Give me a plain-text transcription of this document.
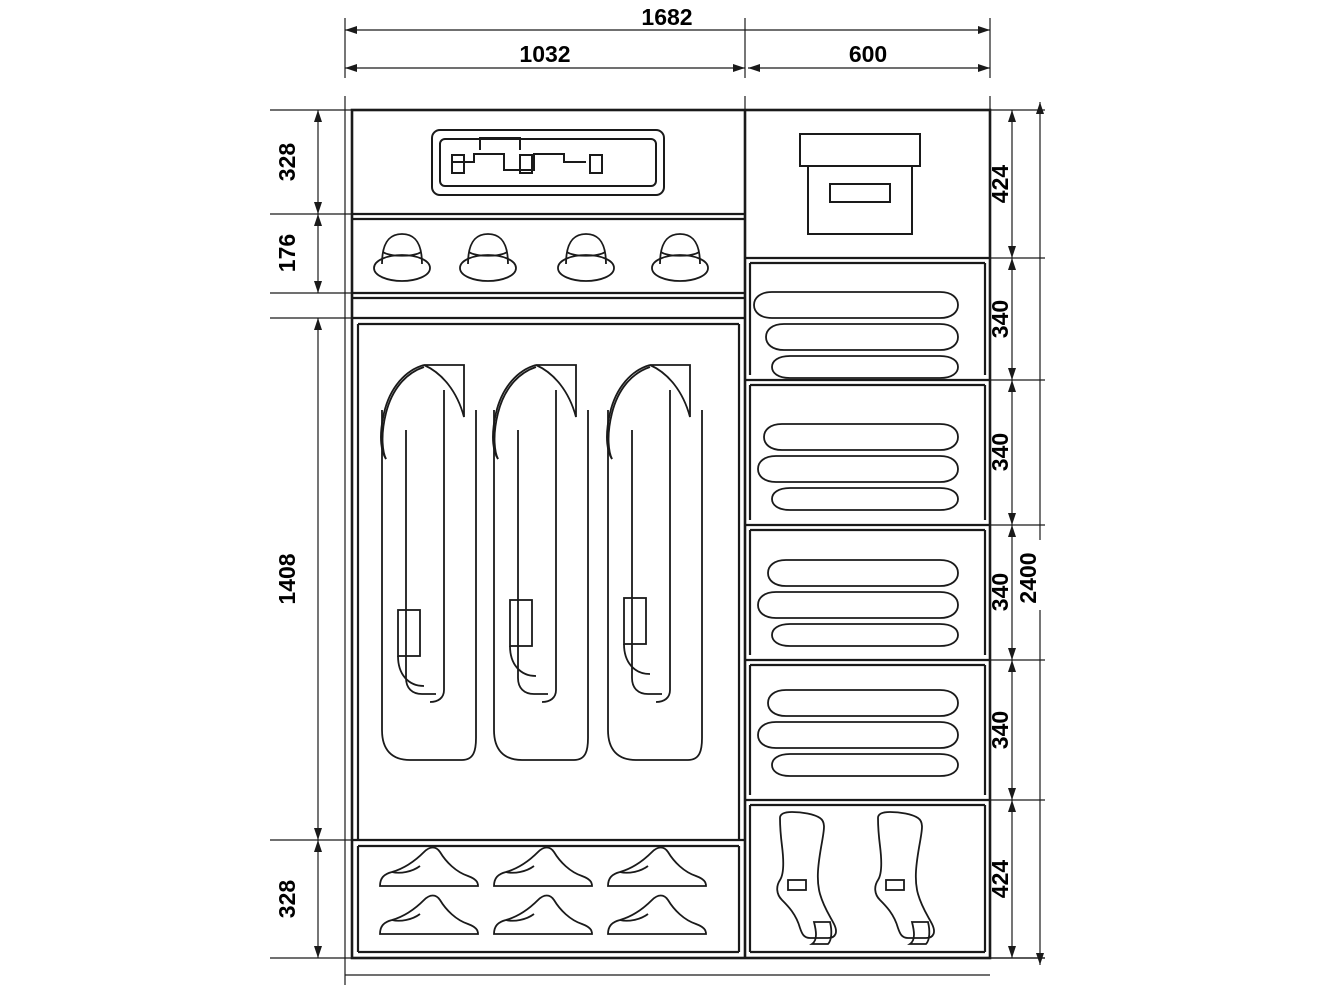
1682
1032	600
328
176
1408
328
424
340
340
340
340
424
2400
